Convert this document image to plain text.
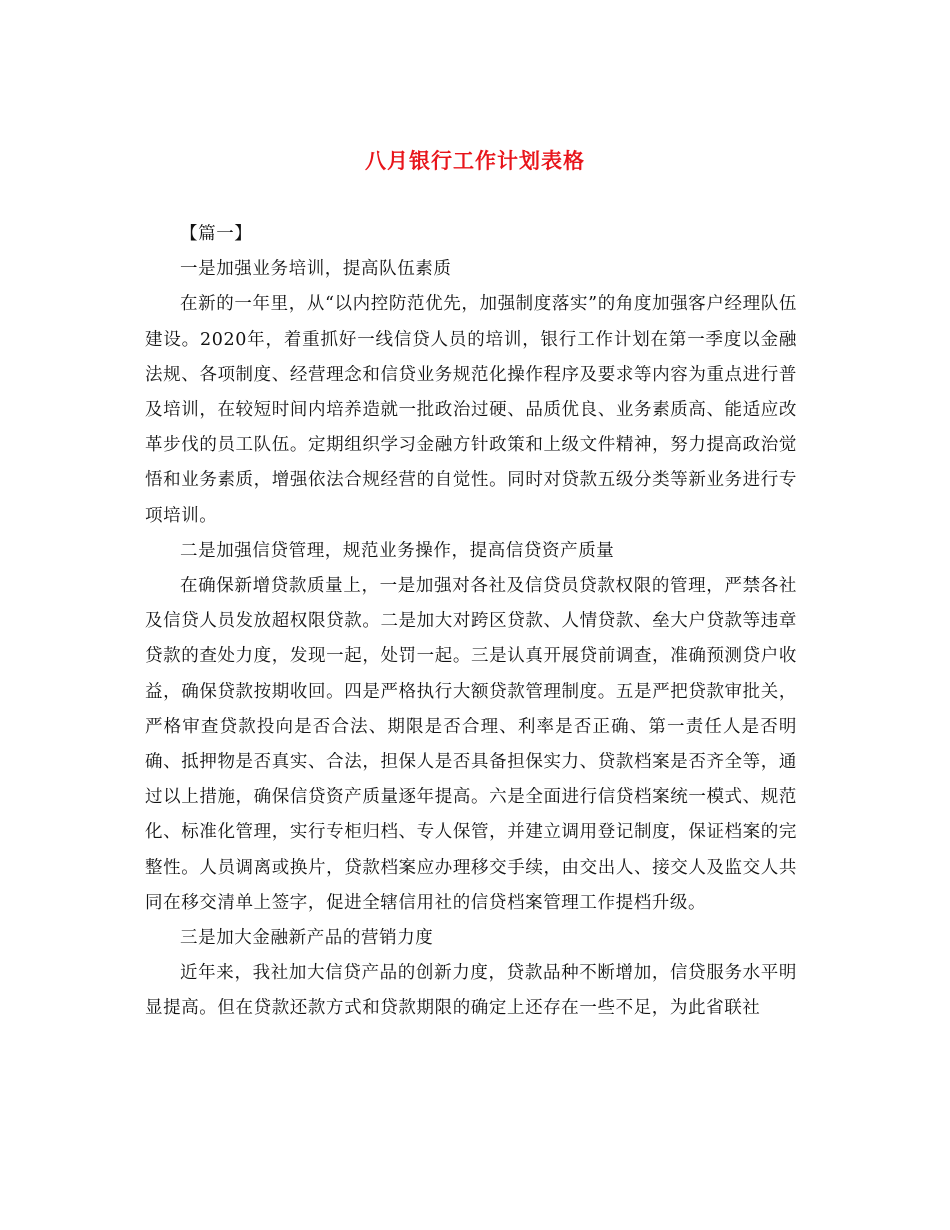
八月银行工作计划表格

【篇一】

一是加强业务培训，提高队伍素质

在新的一年里，从“以内控防范优先，加强制度落实”的角度加强客户经理队伍建设。2020年，着重抓好一线信贷人员的培训，银行工作计划在第一季度以金融法规、各项制度、经营理念和信贷业务规范化操作程序及要求等内容为重点进行普及培训，在较短时间内培养造就一批政治过硬、品质优良、业务素质高、能适应改革步伐的员工队伍。定期组织学习金融方针政策和上级文件精神，努力提高政治觉悟和业务素质，增强依法合规经营的自觉性。同时对贷款五级分类等新业务进行专项培训。

二是加强信贷管理，规范业务操作，提高信贷资产质量

在确保新增贷款质量上，一是加强对各社及信贷员贷款权限的管理，严禁各社及信贷人员发放超权限贷款。二是加大对跨区贷款、人情贷款、垒大户贷款等违章贷款的查处力度，发现一起，处罚一起。三是认真开展贷前调查，准确预测贷户收益，确保贷款按期收回。四是严格执行大额贷款管理制度。五是严把贷款审批关，严格审查贷款投向是否合法、期限是否合理、利率是否正确、第一责任人是否明确、抵押物是否真实、合法，担保人是否具备担保实力、贷款档案是否齐全等，通过以上措施，确保信贷资产质量逐年提高。六是全面进行信贷档案统一模式、规范化、标准化管理，实行专柜归档、专人保管，并建立调用登记制度，保证档案的完整性。人员调离或换片，贷款档案应办理移交手续，由交出人、接交人及监交人共同在移交清单上签字，促进全辖信用社的信贷档案管理工作提档升级。

三是加大金融新产品的营销力度

近年来，我社加大信贷产品的创新力度，贷款品种不断增加，信贷服务水平明显提高。但在贷款还款方式和贷款期限的确定上还存在一些不足，为此省联社
